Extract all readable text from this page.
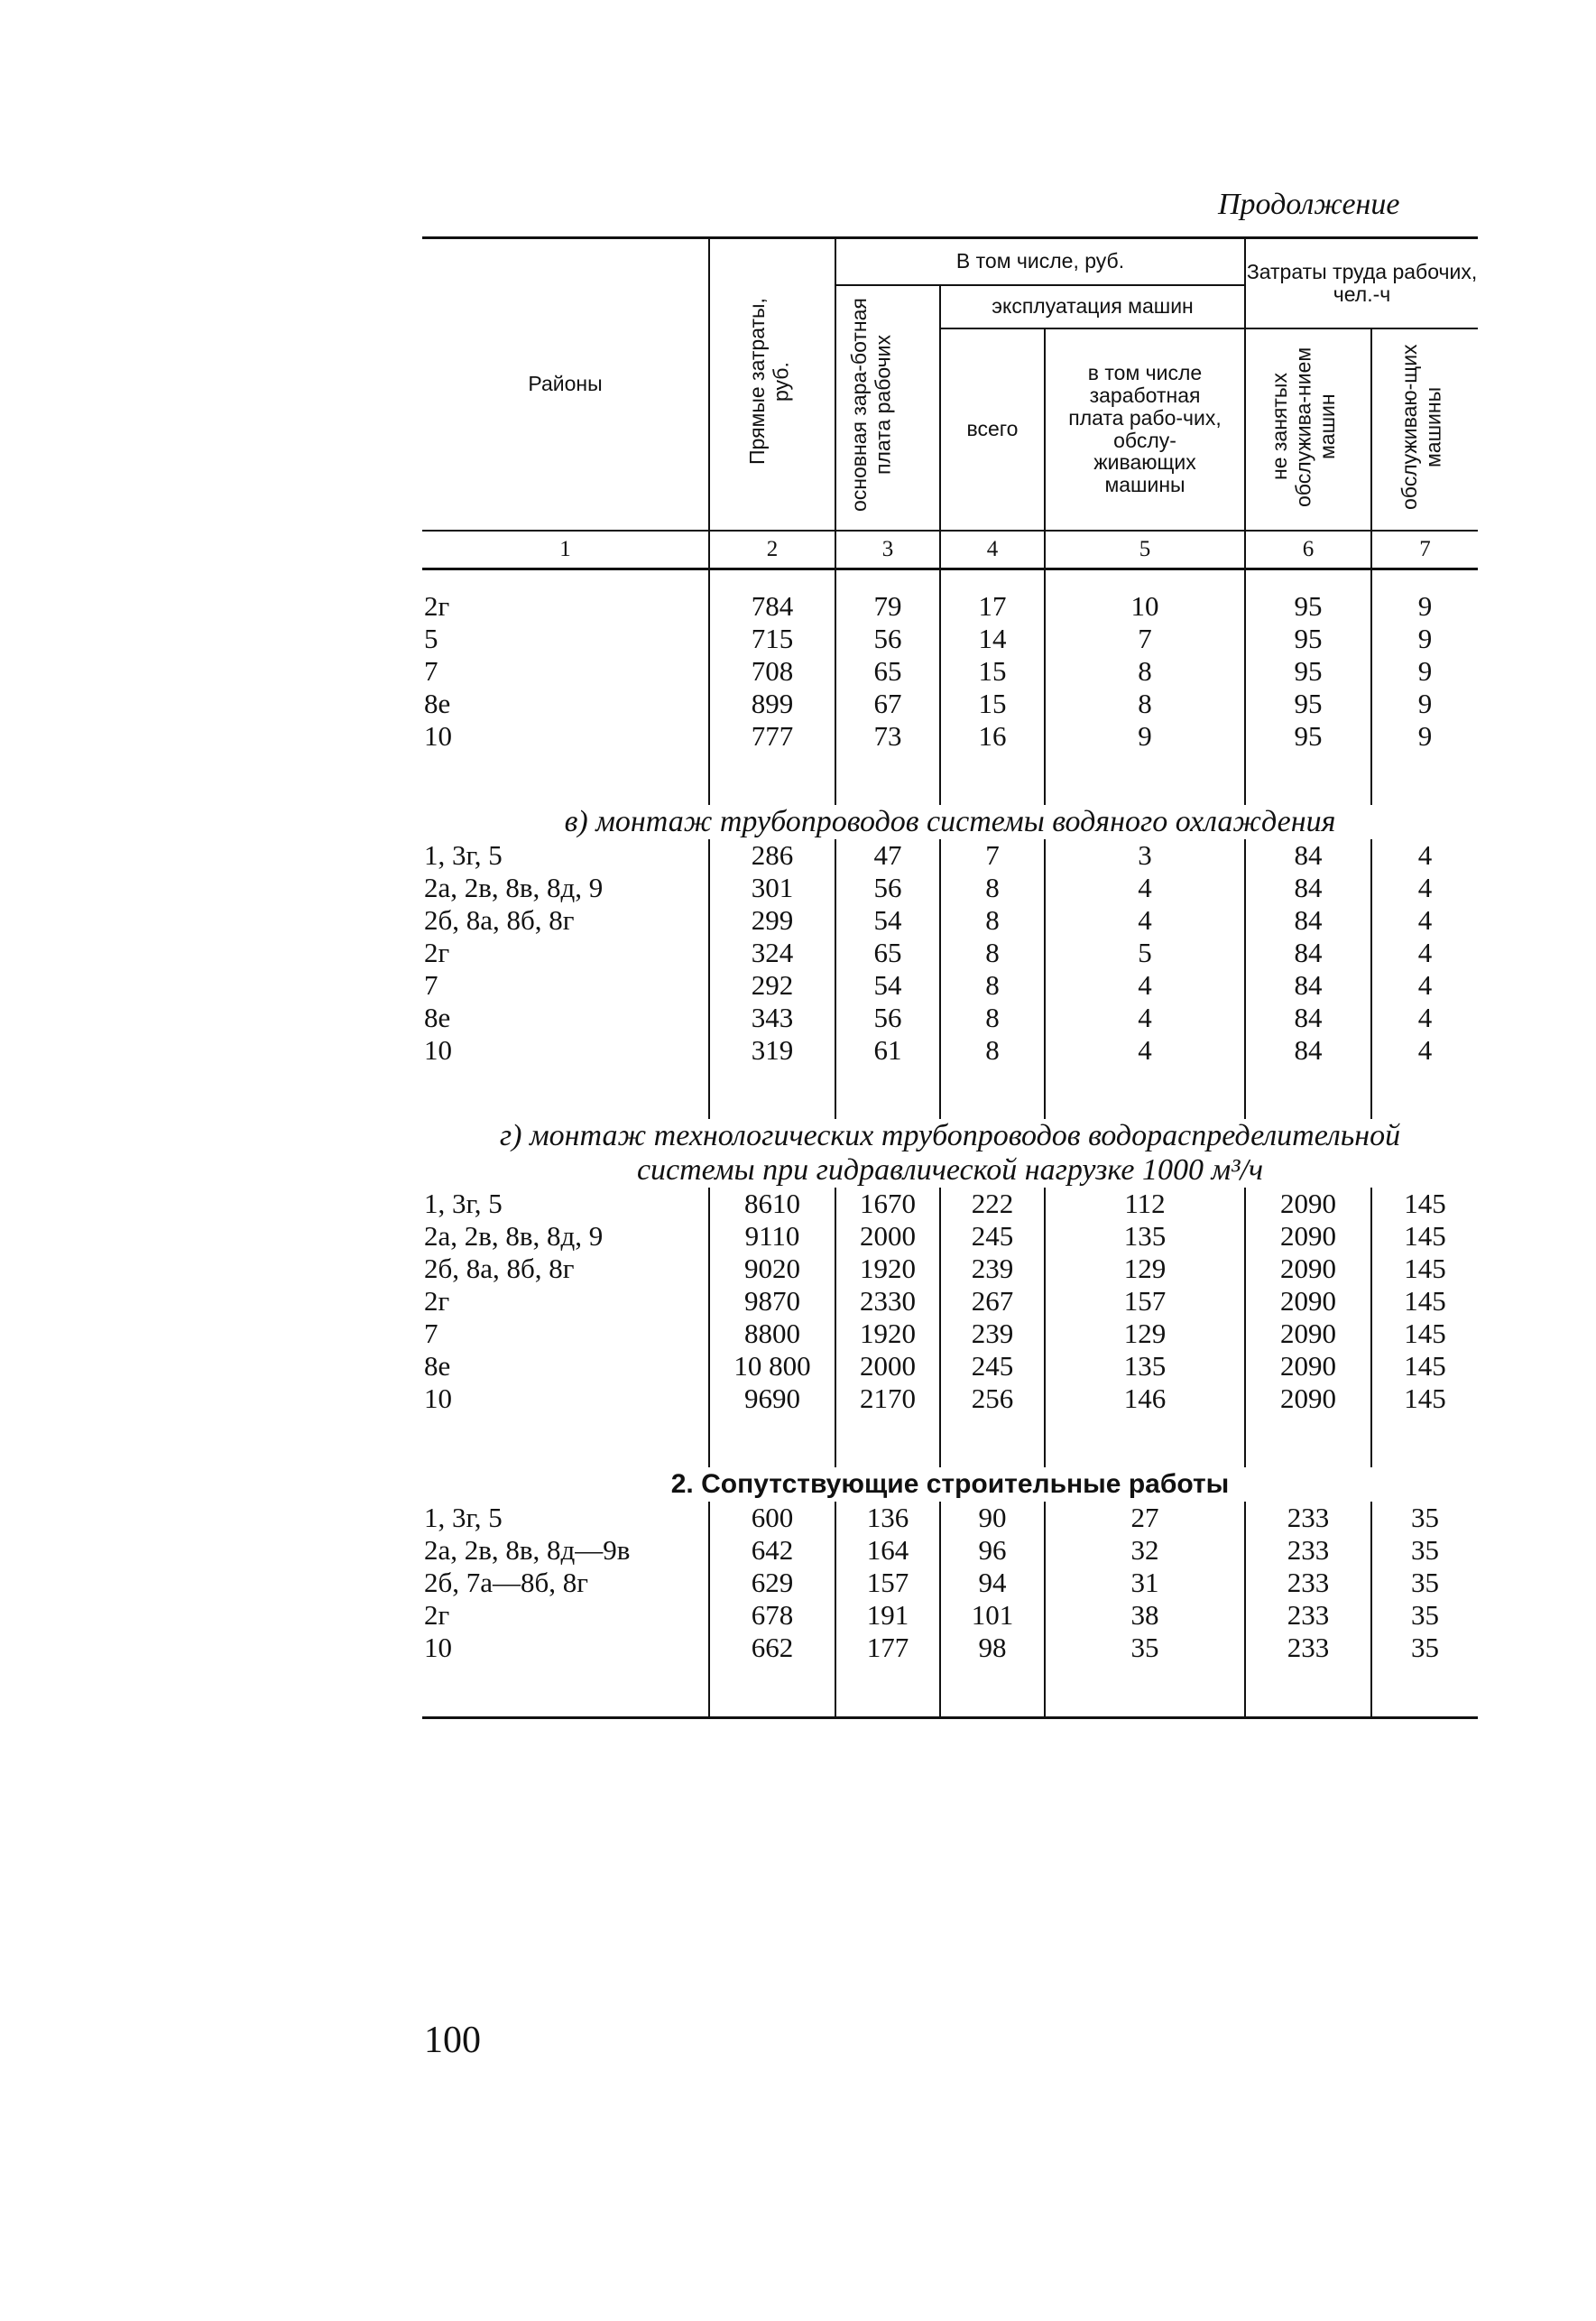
Продолжение
Районы	Прямые затраты, руб.	В том числе, руб.			Затраты труда рабочих, чел.-ч	
		основная зара-ботная плата рабочих	эксплуатация машин			
			всего	в том числе заработная плата рабо-чих, обслу-живающих машины	не занятых обслужива-нием машин	обслуживаю-щих машины
1	2	3	4	5	6	7

2г	784	79	17	10	95	9
5	715	56	14	7	95	9
7	708	65	15	8	95	9
8е	899	67	15	8	95	9
10	777	73	16	9	95	9

в) монтаж трубопроводов системы водяного охлаждения						
1, 3г, 5	286	47	7	3	84	4
2а, 2в, 8в, 8д, 9	301	56	8	4	84	4
2б, 8а, 8б, 8г	299	54	8	4	84	4
2г	324	65	8	5	84	4
7	292	54	8	4	84	4
8е	343	56	8	4	84	4
10	319	61	8	4	84	4

г) монтаж технологических трубопроводов водораспределительной
системы при гидравлической нагрузке 1000 м³/ч						

1, 3г, 5	8610	1670	222	112	2090	145
2а, 2в, 8в, 8д, 9	9110	2000	245	135	2090	145
2б, 8а, 8б, 8г	9020	1920	239	129	2090	145
2г	9870	2330	267	157	2090	145
7	8800	1920	239	129	2090	145
8е	10 800	2000	245	135	2090	145
10	9690	2170	256	146	2090	145

2. Сопутствующие строительные работы						
1, 3г, 5	600	136	90	27	233	35
2а, 2в, 8в, 8д—9в	642	164	96	32	233	35
2б, 7а—8б, 8г	629	157	94	31	233	35
2г	678	191	101	38	233	35
10	662	177	98	35	233	35

100
